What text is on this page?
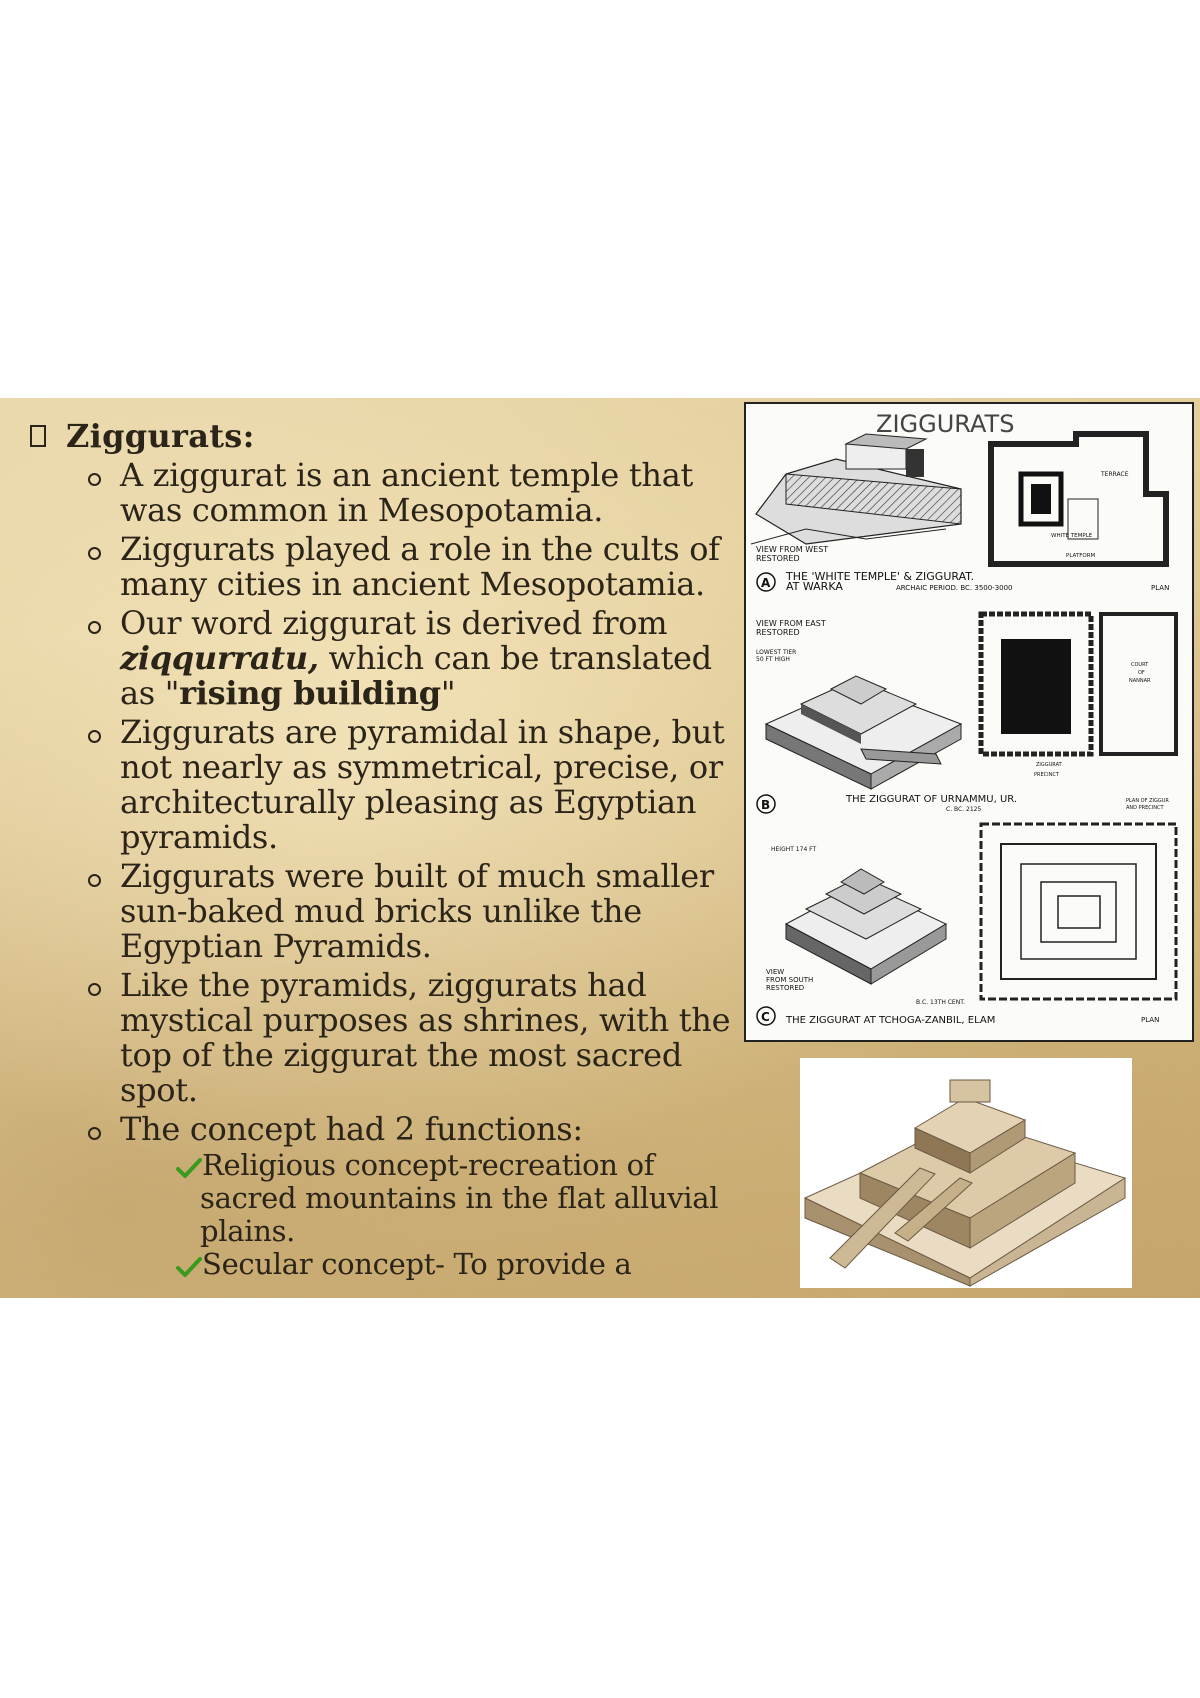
Ziggurats:
A ziggurat is an ancient temple that was common in Mesopotamia.
Ziggurats played a role in the cults of many cities in ancient Mesopotamia.
Our word ziggurat is derived from ziqqurratu, which can be translated as "rising building"
Ziggurats are pyramidal in shape, but not nearly as symmetrical, precise, or architecturally pleasing as Egyptian pyramids.
Ziggurats were built of much smaller sun-baked mud bricks unlike the Egyptian Pyramids.
Like the pyramids, ziggurats had mystical purposes as shrines, with the top of the ziggurat the most sacred spot.
The concept had 2 functions:
Religious concept-recreation of sacred mountains in the flat alluvial plains.
Secular concept- To provide a
ZIGGURATS
TERRACE
WHITE TEMPLE
PLATFORM
VIEW FROM WEST
RESTORED
A THE 'WHITE TEMPLE' & ZIGGURAT.
AT WARKA	ARCHAIC PERIOD. BC. 3500-3000	PLAN
VIEW FROM EAST
RESTORED
LOWEST TIER
50 FT HIGH
ZIGGURAT
PRECINCT
COURT
OF
NANNAR
B	THE ZIGGURAT OF URNAMMU, UR.
C. BC. 2125
PLAN OF ZIGGUR
AND PRECINCT
HEIGHT 174 FT
VIEW
FROM SOUTH
RESTORED
B.C. 13TH CENT.
C THE ZIGGURAT AT TCHOGA-ZANBIL, ELAM	PLAN
